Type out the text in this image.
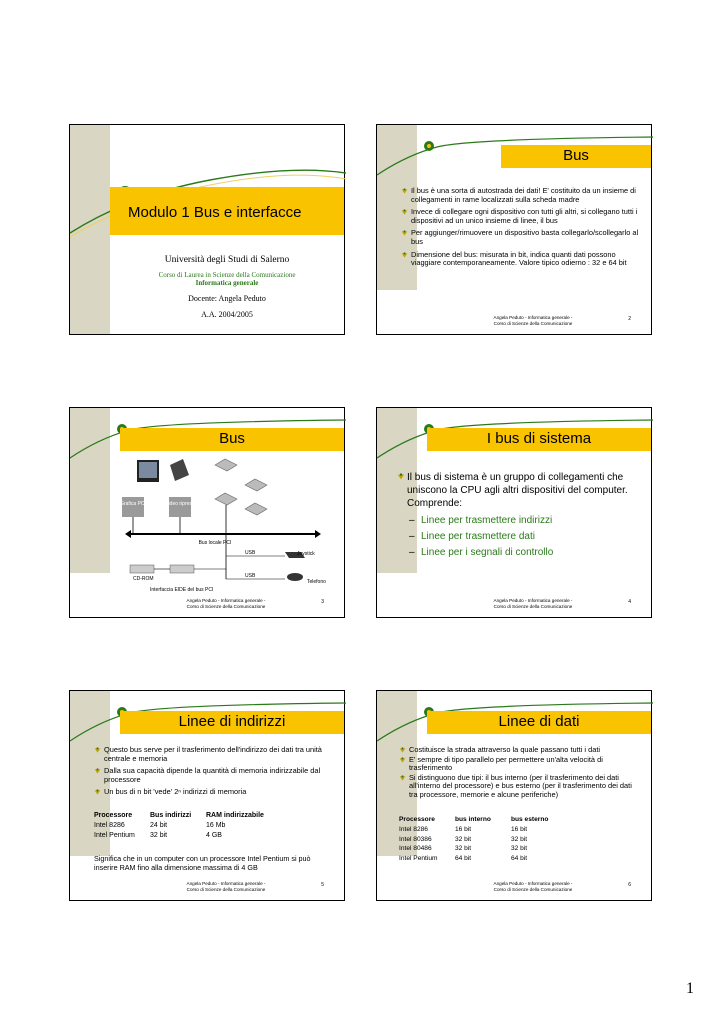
Modulo 1 Bus e interfacce
Università degli Studi di Salerno
Corso di Laurea in Scienze della Comunicazione
Informatica generale
Docente: Angela Peduto
A.A. 2004/2005
Bus
Il bus è una sorta di autostrada dei dati! E' costituito da un insieme di collegamenti in rame localizzati sulla scheda madre
Invece di collegare ogni dispositivo con tutti gli altri, si collegano tutti i dispositivi ad un unico insieme di linee, il bus
Per aggiunger/rimuovere un dispositivo basta collegarlo/scollegarlo al bus
Dimensione del bus: misurata in bit, indica quanti dati possono viaggiare contemporaneamente. Valore tipico odierno : 32 e 64 bit
Angela Peduto - Informatica generale -
Corso di Scienze della Comunicazione
2
Bus
Grafica PCI	Video ripresa
Bus locale PCI
CD-ROM
Interfaccia EIDE del bus PCI
USB
USB
Joystick
Telefono
Angela Peduto - Informatica generale -
Corso di Scienze della Comunicazione
3
I bus di sistema
Il bus di sistema è un gruppo di collegamenti che uniscono la CPU agli altri dispositivi del computer. Comprende:
– Linee per trasmettere indirizzi
– Linee per trasmettere dati
– Linee per i segnali di controllo
Angela Peduto - Informatica generale -
Corso di Scienze della Comunicazione
4
Linee di indirizzi
Questo bus serve per il trasferimento dell'indirizzo dei dati tra unità centrale e memoria
Dalla sua capacità dipende la quantità di memoria indirizzabile dal processore
Un bus di n bit 'vede' 2ⁿ indirizzi di memoria
Processore	Bus indirizzi	RAM indirizzabile
Intel 8286	24 bit	16 Mb
Intel Pentium	32 bit	4 GB
Significa che in un computer con un processore Intel Pentium si può inserire RAM fino alla dimensione massima di 4 GB
Angela Peduto - Informatica generale -
Corso di Scienze della Comunicazione
5
Linee di dati
Costituisce la strada attraverso la quale passano tutti i dati
E' sempre di tipo parallelo per permettere un'alta velocità di trasferimento
Si distinguono due tipi: il bus interno (per il trasferimento dei dati all'interno del processore) e bus esterno (per il trasferimento dei dati tra processore, memorie e alcune periferiche)
Processore	bus interno	bus esterno
Intel 8286	16 bit	16 bit
Intel 80386	32 bit	32 bit
Intel 80486	32 bit	32 bit
Intel Pentium	64 bit	64 bit
Angela Peduto - Informatica generale -
Corso di Scienze della Comunicazione
6
1
